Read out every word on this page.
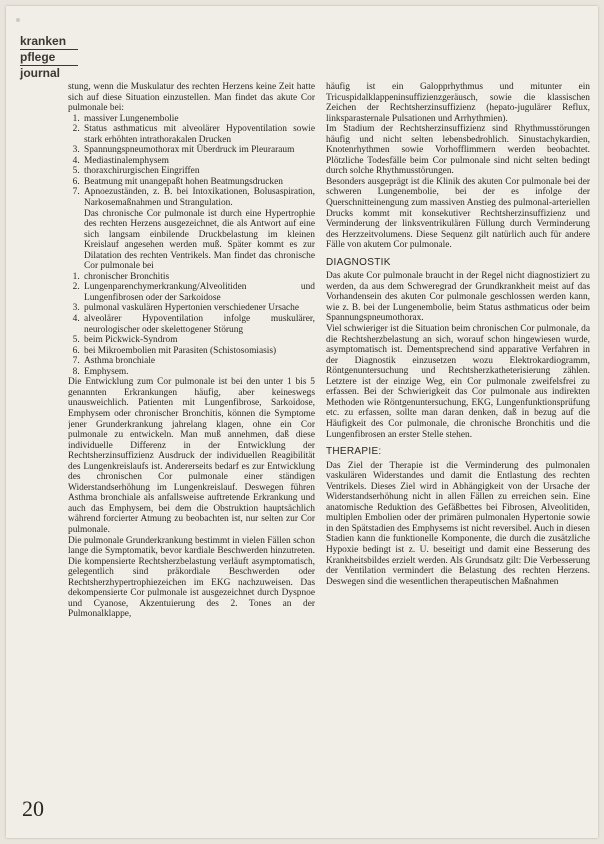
kranken
pflege
journal

stung, wenn die Muskulatur des rechten Herzens keine Zeit hatte sich auf diese Situation einzustellen. Man findet das akute Cor pulmonale bei:

1. massiver Lungenembolie
2. Status asthmaticus mit alveolärer Hypoventilation sowie stark erhöhten intrathorakalen Drucken
3. Spannungspneumothorax mit Überdruck im Pleuraraum
4. Mediastinalemphysem
5. thoraxchirurgischen Eingriffen
6. Beatmung mit unangepaßt hohen Beatmungsdrucken
7. Apnoezuständen, z. B. bei Intoxikationen, Bolusaspiration, Narkosemaßnahmen und Strangulation.

Das chronische Cor pulmonale ist durch eine Hypertrophie des rechten Herzens ausgezeichnet, die als Antwort auf eine sich langsam einbilende Druckbelastung im kleinen Kreislauf angesehen werden muß. Später kommt es zur Dilatation des rechten Ventrikels. Man findet das chronische Cor pulmonale bei

1. chronischer Bronchitis
2. Lungenparenchymerkrankung/Alveolitiden und Lungenfibrosen oder der Sarkoidose
3. pulmonal vaskulären Hypertonien verschiedener Ursache
4. alveolärer Hypoventilation infolge muskulärer, neurologischer oder skelettogener Störung
5. beim Pickwick-Syndrom
6. bei Mikroembolien mit Parasiten (Schistosomiasis)
7. Asthma bronchiale
8. Emphysem.

Die Entwicklung zum Cor pulmonale ist bei den unter 1 bis 5 genannten Erkrankungen häufig, aber keineswegs unausweichlich. Patienten mit Lungenfibrose, Sarkoidose, Emphysem oder chronischer Bronchitis, können die Symptome jener Grunderkrankung jahrelang klagen, ohne ein Cor pulmonale zu entwickeln. Man muß annehmen, daß diese individuelle Differenz in der Entwicklung der Rechtsherzinsuffizienz Ausdruck der individuellen Reagibilität des Lungenkreislaufs ist. Andererseits bedarf es zur Entwicklung des chronischen Cor pulmonale einer ständigen Widerstandserhöhung im Lungenkreislauf. Deswegen führen Asthma bronchiale als anfallsweise auftretende Erkrankung und auch das Emphysem, bei dem die Obstruktion hauptsächlich während forcierter Atmung zu beobachten ist, nur selten zur Cor pulmonale.

Die pulmonale Grunderkrankung bestimmt in vielen Fällen schon lange die Symptomatik, bevor kardiale Beschwerden hinzutreten. Die kompensierte Rechtsherzbelastung verläuft asymptomatisch, gelegentlich sind präkordiale Beschwerden oder Rechtsherzhypertrophiezeichen im EKG nachzuweisen. Das dekompensierte Cor pulmonale ist ausgezeichnet durch Dyspnoe und Cyanose, Akzentuierung des 2. Tones an der Pulmonalklappe,

häufig ist ein Galopprhythmus und mitunter ein Tricuspidalklappeninsuffizienzgeräusch, sowie die klassischen Zeichen der Rechtsherzinsuffizienz (hepato-jugulärer Reflux, linksparasternale Pulsationen und Arrhythmien).

Im Stadium der Rechtsherzinsuffizienz sind Rhythmusstörungen häufig und nicht selten lebensbedrohlich. Sinustachykardien, Knotenrhythmen sowie Vorhofflimmern werden beobachtet. Plötzliche Todesfälle beim Cor pulmonale sind nicht selten bedingt durch solche Rhythmusstörungen.

Besonders ausgeprägt ist die Klinik des akuten Cor pulmonale bei der schweren Lungenembolie, bei der es infolge der Querschnitteinengung zum massiven Anstieg des pulmonal-arteriellen Drucks kommt mit konsekutiver Rechtsherzinsuffizienz und Verminderung der linksventrikulären Füllung durch Verminderung des Herzzeitvolumens. Diese Sequenz gilt natürlich auch für andere Fälle von akutem Cor pulmonale.

DIAGNOSTIK

Das akute Cor pulmonale braucht in der Regel nicht diagnostiziert zu werden, da aus dem Schweregrad der Grundkrankheit meist auf das Vorhandensein des akuten Cor pulmonale geschlossen werden kann, wie z. B. bei der Lungenembolie, beim Status asthmaticus oder beim Spannungspneumothorax.

Viel schwieriger ist die Situation beim chronischen Cor pulmonale, da die Rechtsherzbelastung an sich, worauf schon hingewiesen wurde, asymptomatisch ist. Dementsprechend sind apparative Verfahren in der Diagnostik einzusetzen wozu Elektrokardiogramm, Röntgenuntersuchung und Rechtsherzkatheterisierung zählen. Letztere ist der einzige Weg, ein Cor pulmonale zweifelsfrei zu erfassen. Bei der Schwierigkeit das Cor pulmonale aus indirekten Methoden wie Röntgenuntersuchung, EKG, Lungenfunktionsprüfung etc. zu erfassen, sollte man daran denken, daß in bezug auf die Häufigkeit des Cor pulmonale, die chronische Bronchitis und die Lungenfibrosen an erster Stelle stehen.

THERAPIE:

Das Ziel der Therapie ist die Verminderung des pulmonalen vaskulären Widerstandes und damit die Entlastung des rechten Ventrikels. Dieses Ziel wird in Abhängigkeit von der Ursache der Widerstandserhöhung nicht in allen Fällen zu erreichen sein. Eine anatomische Reduktion des Gefäßbettes bei Fibrosen, Alveolitiden, multiplen Embolien oder der primären pulmonalen Hypertonie sowie in den Spätstadien des Emphysems ist nicht reversibel. Auch in diesen Stadien kann die funktionelle Komponente, die durch die zusätzliche Hypoxie bedingt ist z. U. beseitigt und damit eine Besserung des Krankheitsbildes erzielt werden. Als Grundsatz gilt: Die Verbesserung der Ventilation vermindert die Belastung des rechten Herzens. Deswegen sind die wesentlichen therapeutischen Maßnahmen

20
